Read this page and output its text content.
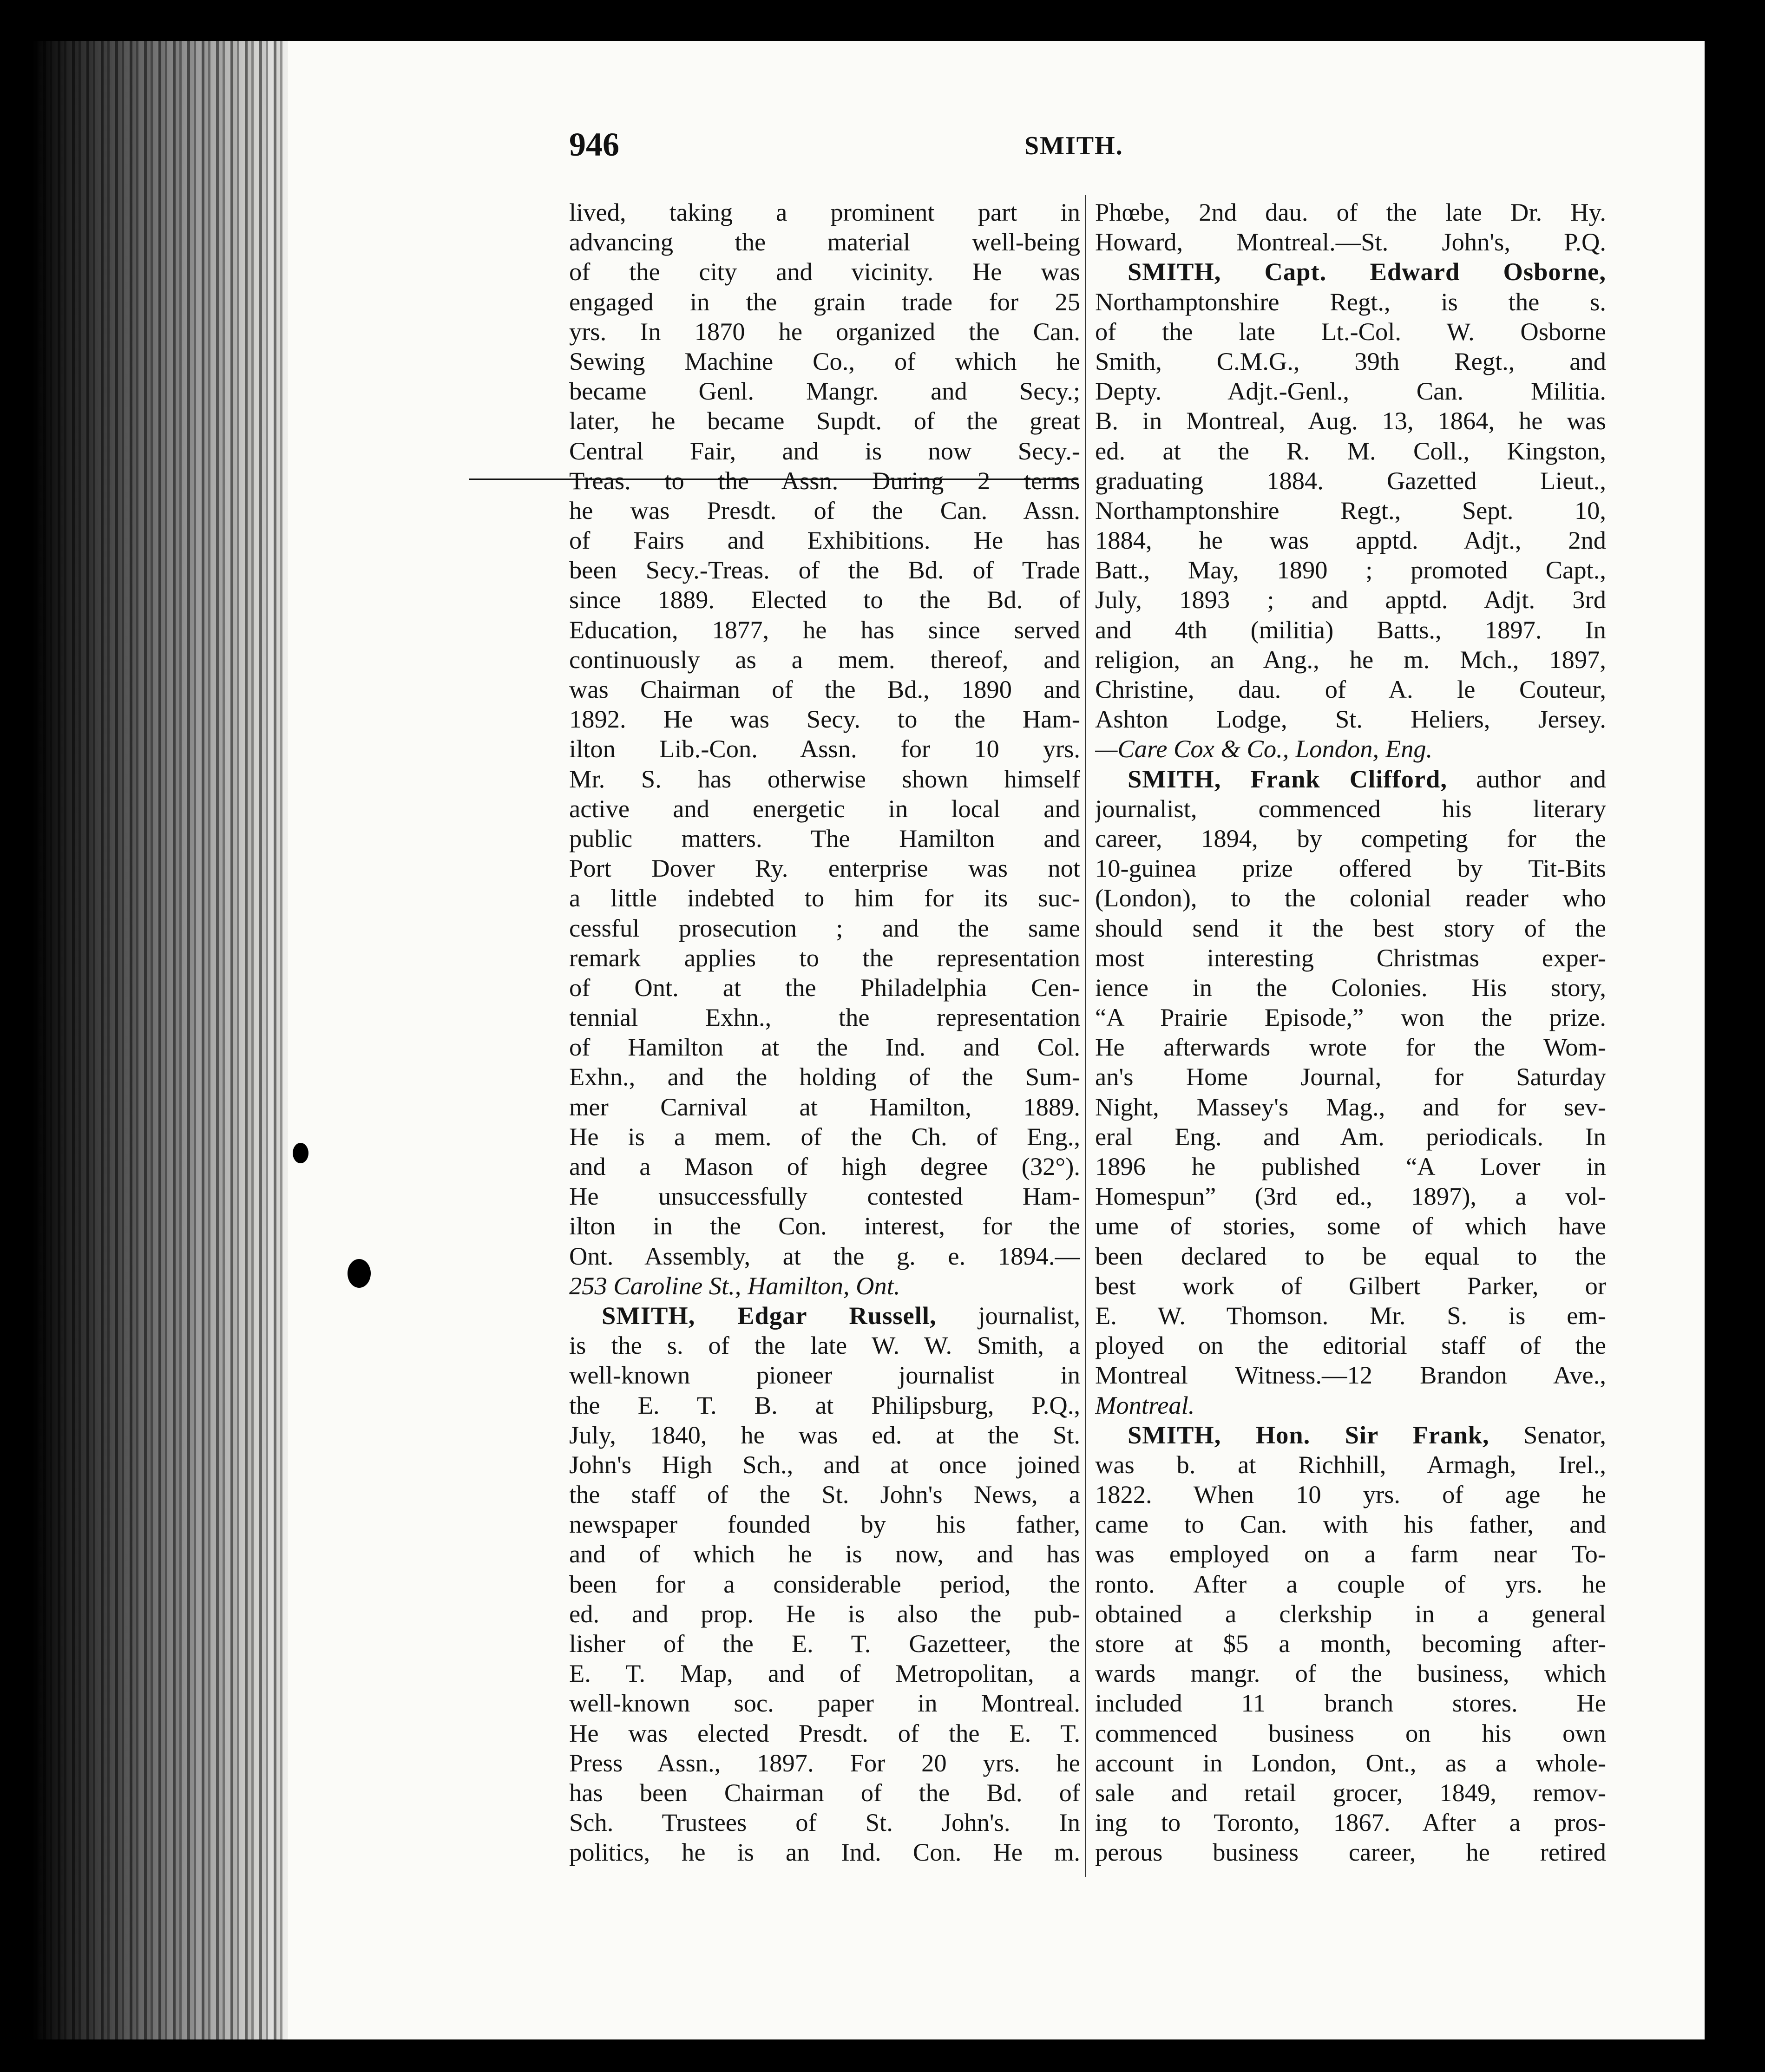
946	SMITH.
lived, taking a prominent part in
advancing the material well-being
of the city and vicinity. He was
engaged in the grain trade for 25
yrs. In 1870 he organized the Can.
Sewing Machine Co., of which he
became Genl. Mangr. and Secy.;
later, he became Supdt. of the great
Central Fair, and is now Secy.-
Treas. to the Assn. During 2 terms
he was Presdt. of the Can. Assn.
of Fairs and Exhibitions. He has
been Secy.-Treas. of the Bd. of Trade
since 1889. Elected to the Bd. of
Education, 1877, he has since served
continuously as a mem. thereof, and
was Chairman of the Bd., 1890 and
1892. He was Secy. to the Ham-
ilton Lib.-Con. Assn. for 10 yrs.
Mr. S. has otherwise shown himself
active and energetic in local and
public matters. The Hamilton and
Port Dover Ry. enterprise was not
a little indebted to him for its suc-
cessful prosecution ; and the same
remark applies to the representation
of Ont. at the Philadelphia Cen-
tennial Exhn., the representation
of Hamilton at the Ind. and Col.
Exhn., and the holding of the Sum-
mer Carnival at Hamilton, 1889.
He is a mem. of the Ch. of Eng.,
and a Mason of high degree (32°).
He unsuccessfully contested Ham-
ilton in the Con. interest, for the
Ont. Assembly, at the g. e. 1894.—
253 Caroline St., Hamilton, Ont.
SMITH, Edgar Russell, journalist,
is the s. of the late W. W. Smith, a
well-known pioneer journalist in
the E. T. B. at Philipsburg, P.Q.,
July, 1840, he was ed. at the St.
John's High Sch., and at once joined
the staff of the St. John's News, a
newspaper founded by his father,
and of which he is now, and has
been for a considerable period, the
ed. and prop. He is also the pub-
lisher of the E. T. Gazetteer, the
E. T. Map, and of Metropolitan, a
well-known soc. paper in Montreal.
He was elected Presdt. of the E. T.
Press Assn., 1897. For 20 yrs. he
has been Chairman of the Bd. of
Sch. Trustees of St. John's. In
politics, he is an Ind. Con. He m.
Phœbe, 2nd dau. of the late Dr. Hy.
Howard, Montreal.—St. John's, P.Q.
SMITH, Capt. Edward Osborne,
Northamptonshire Regt., is the s.
of the late Lt.-Col. W. Osborne
Smith, C.M.G., 39th Regt., and
Depty. Adjt.-Genl., Can. Militia.
B. in Montreal, Aug. 13, 1864, he was
ed. at the R. M. Coll., Kingston,
graduating 1884. Gazetted Lieut.,
Northamptonshire Regt., Sept. 10,
1884, he was apptd. Adjt., 2nd
Batt., May, 1890 ; promoted Capt.,
July, 1893 ; and apptd. Adjt. 3rd
and 4th (militia) Batts., 1897. In
religion, an Ang., he m. Mch., 1897,
Christine, dau. of A. le Couteur,
Ashton Lodge, St. Heliers, Jersey.
—Care Cox & Co., London, Eng.
SMITH, Frank Clifford, author and
journalist, commenced his literary
career, 1894, by competing for the
10-guinea prize offered by Tit-Bits
(London), to the colonial reader who
should send it the best story of the
most interesting Christmas exper-
ience in the Colonies. His story,
“A Prairie Episode,” won the prize.
He afterwards wrote for the Wom-
an's Home Journal, for Saturday
Night, Massey's Mag., and for sev-
eral Eng. and Am. periodicals. In
1896 he published “A Lover in
Homespun” (3rd ed., 1897), a vol-
ume of stories, some of which have
been declared to be equal to the
best work of Gilbert Parker, or
E. W. Thomson. Mr. S. is em-
ployed on the editorial staff of the
Montreal Witness.—12 Brandon Ave.,
Montreal.
SMITH, Hon. Sir Frank, Senator,
was b. at Richhill, Armagh, Irel.,
1822. When 10 yrs. of age he
came to Can. with his father, and
was employed on a farm near To-
ronto. After a couple of yrs. he
obtained a clerkship in a general
store at $5 a month, becoming after-
wards mangr. of the business, which
included 11 branch stores. He
commenced business on his own
account in London, Ont., as a whole-
sale and retail grocer, 1849, remov-
ing to Toronto, 1867. After a pros-
perous business career, he retired
